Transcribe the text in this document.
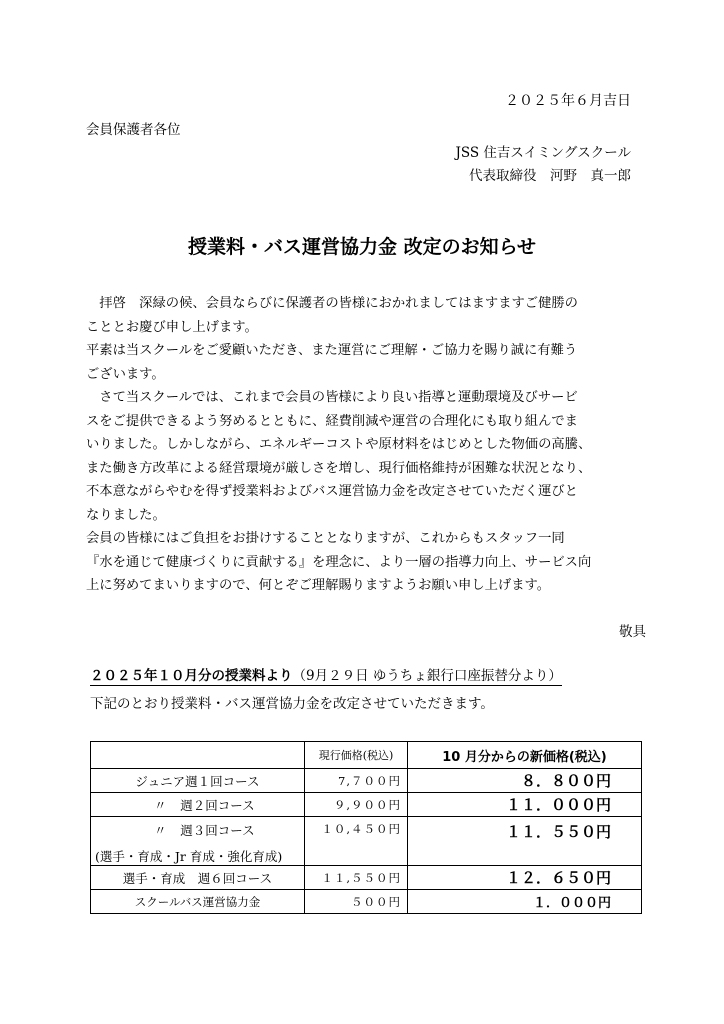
２０２５年６月吉日
会員保護者各位
JSS 住吉スイミングスクール
代表取締役　河野　真一郎
授業料・バス運営協力金 改定のお知らせ

拝啓　深緑の候、会員ならびに保護者の皆様におかれましてはますますご健勝の

こととお慶び申し上げます。

平素は当スクールをご愛顧いただき、また運営にご理解・ご協力を賜り誠に有難う

ございます。

さて当スクールでは、これまで会員の皆様により良い指導と運動環境及びサービ

スをご提供できるよう努めるとともに、経費削減や運営の合理化にも取り組んでま

いりました。しかしながら、エネルギーコストや原材料をはじめとした物価の高騰、

また働き方改革による経営環境が厳しさを増し、現行価格維持が困難な状況となり、

不本意ながらやむを得ず授業料およびバス運営協力金を改定させていただく運びと

なりました。

会員の皆様にはご負担をお掛けすることとなりますが、これからもスタッフ一同

『水を通じて健康づくりに貢献する』を理念に、より一層の指導力向上、サービス向

上に努めてまいりますので、何とぞご理解賜りますようお願い申し上げます。

敬具
２０２５年１０月分の授業料より（9月２９日 ゆうちょ銀行口座振替分より）
下記のとおり授業料・バス運営協力金を改定させていただきます。
	現行価格(税込)	10 月分からの新価格(税込)
ジュニア週１回コース	7,７００円	８．８００円
〃 週２回コース	９,９００円	１１．０００円
〃 週３回コース
(選手・育成・Jr 育成・強化育成)	１０,４５０円	１１．５５０円
選手・育成　週６回コース	１１,５５０円	１２．６５０円
スクールバス運営協力金	５００円	１．０００円
